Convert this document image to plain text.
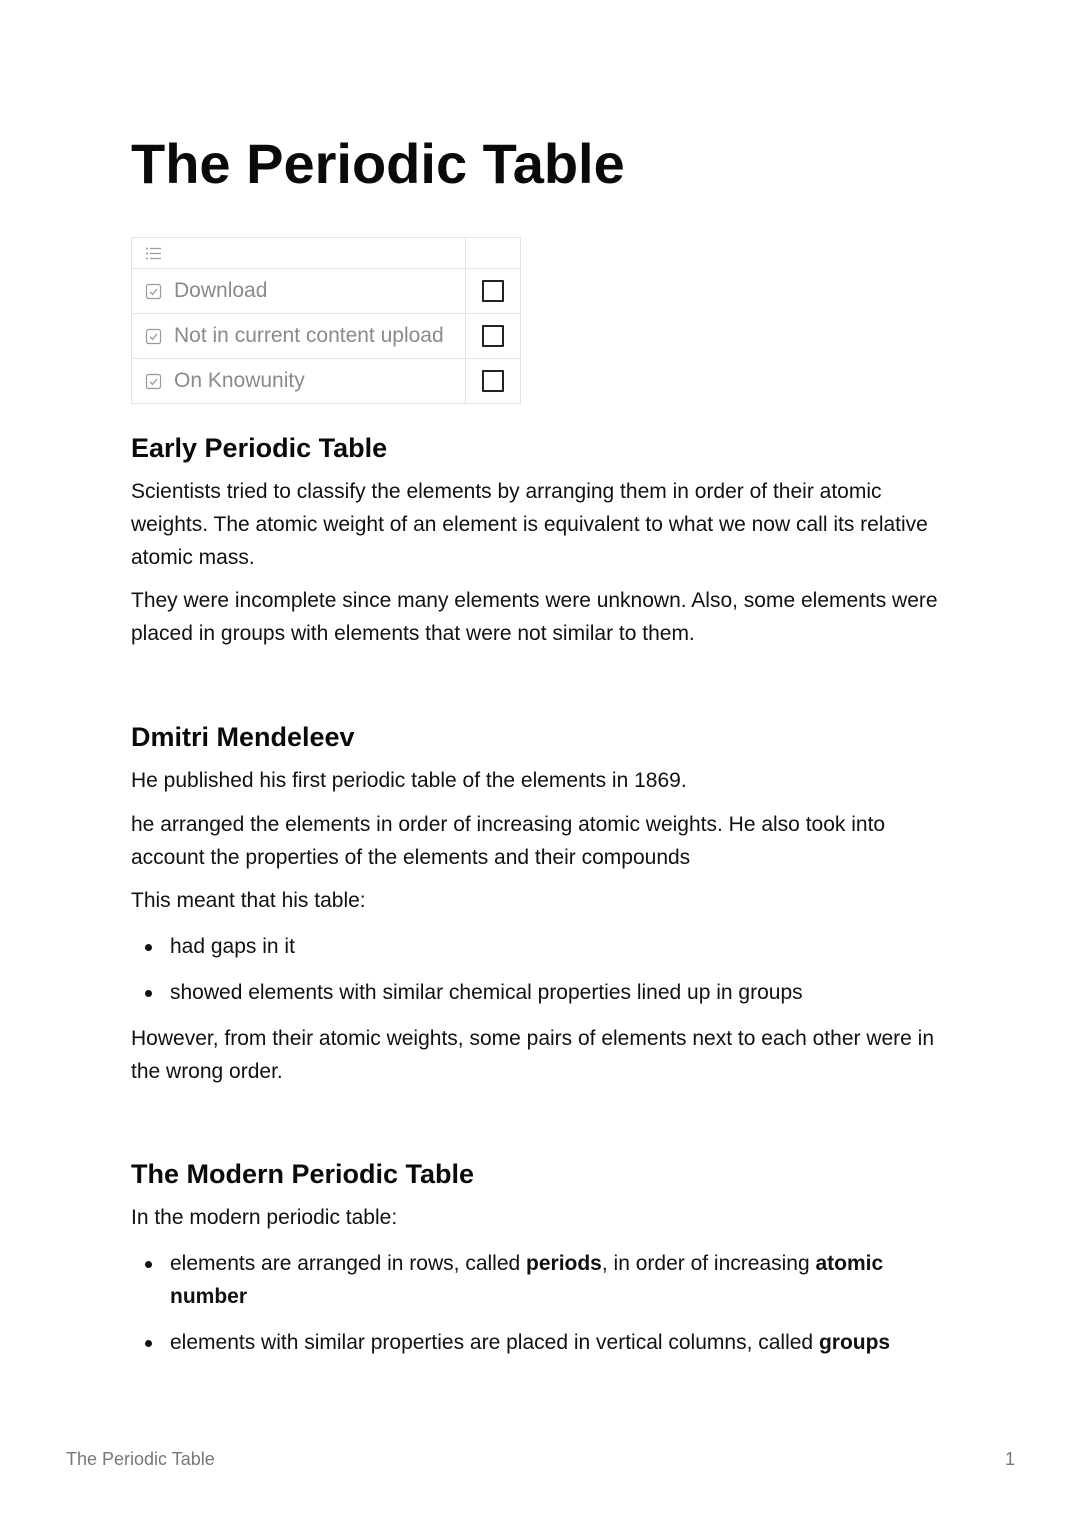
The Periodic Table

Download	

Not in current content upload	

On Knowunity	

Early Periodic Table

Scientists tried to classify the elements by arranging them in order of their atomic weights. The atomic weight of an element is equivalent to what we now call its relative atomic mass.

They were incomplete since many elements were unknown. Also, some elements were placed in groups with elements that were not similar to them.

Dmitri Mendeleev

He published his first periodic table of the elements in 1869.

he arranged the elements in order of increasing atomic weights. He also took into account the properties of the elements and their compounds

This meant that his table:

had gaps in it
showed elements with similar chemical properties lined up in groups

However, from their atomic weights, some pairs of elements next to each other were in the wrong order.

The Modern Periodic Table

In the modern periodic table:

elements are arranged in rows, called periods, in order of increasing atomic number
elements with similar properties are placed in vertical columns, called groups
The Periodic Table	1
